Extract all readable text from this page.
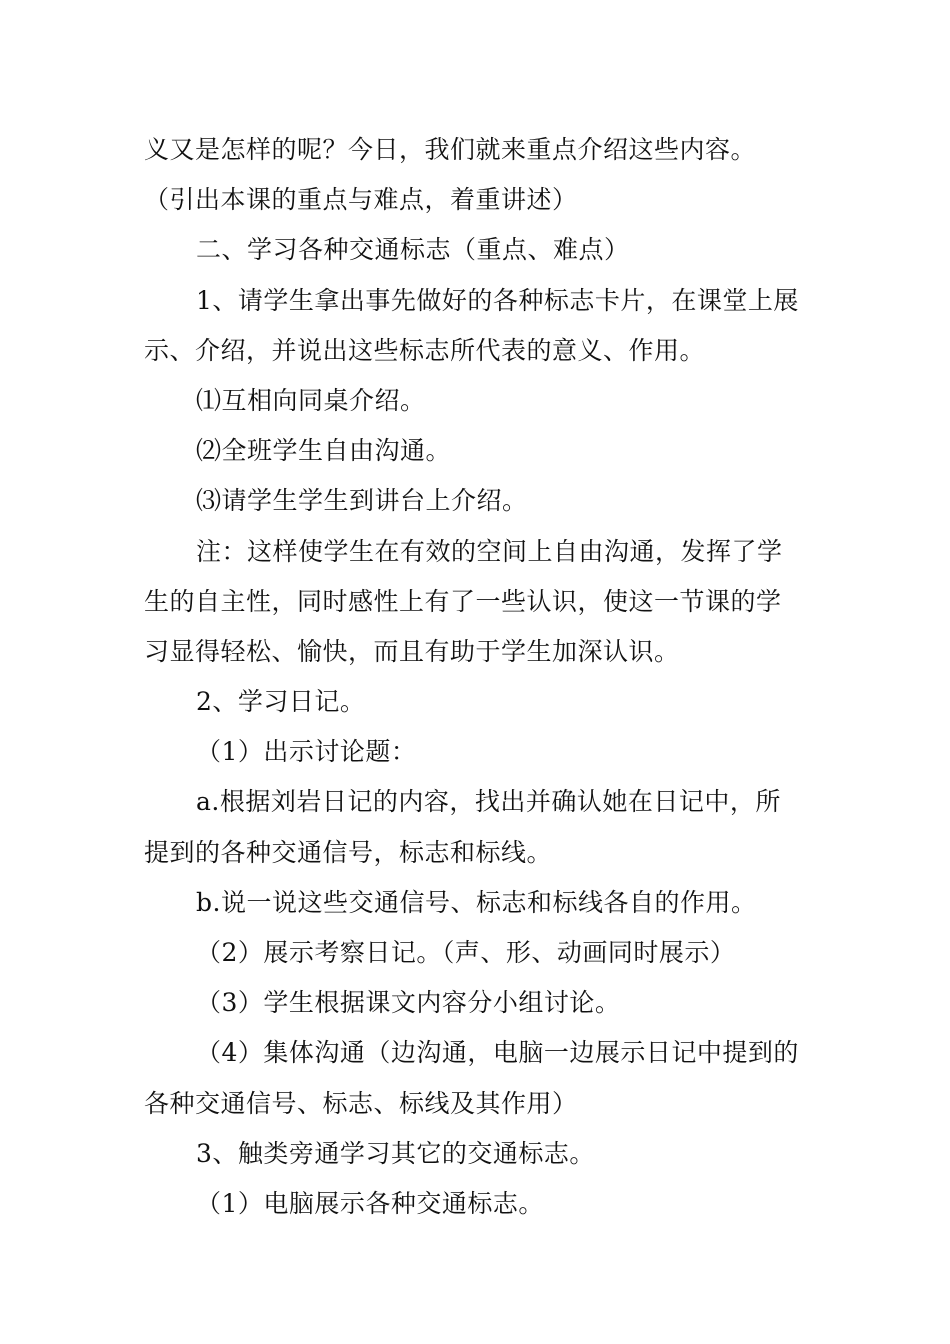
义又是怎样的呢？今日，我们就来重点介绍这些内容。
（引出本课的重点与难点，着重讲述）
二、学习各种交通标志（重点、难点）
1、请学生拿出事先做好的各种标志卡片，在课堂上展
示、介绍，并说出这些标志所代表的意义、作用。
⑴互相向同桌介绍。
⑵全班学生自由沟通。
⑶请学生学生到讲台上介绍。
注：这样使学生在有效的空间上自由沟通，发挥了学
生的自主性，同时感性上有了一些认识，使这一节课的学
习显得轻松、愉快，而且有助于学生加深认识。
2、学习日记。
（1）出示讨论题：
a.根据刘岩日记的内容，找出并确认她在日记中，所
提到的各种交通信号，标志和标线。
b.说一说这些交通信号、标志和标线各自的作用。
（2）展示考察日记。（声、形、动画同时展示）
（3）学生根据课文内容分小组讨论。
（4）集体沟通（边沟通，电脑一边展示日记中提到的
各种交通信号、标志、标线及其作用）
3、触类旁通学习其它的交通标志。
（1）电脑展示各种交通标志。
